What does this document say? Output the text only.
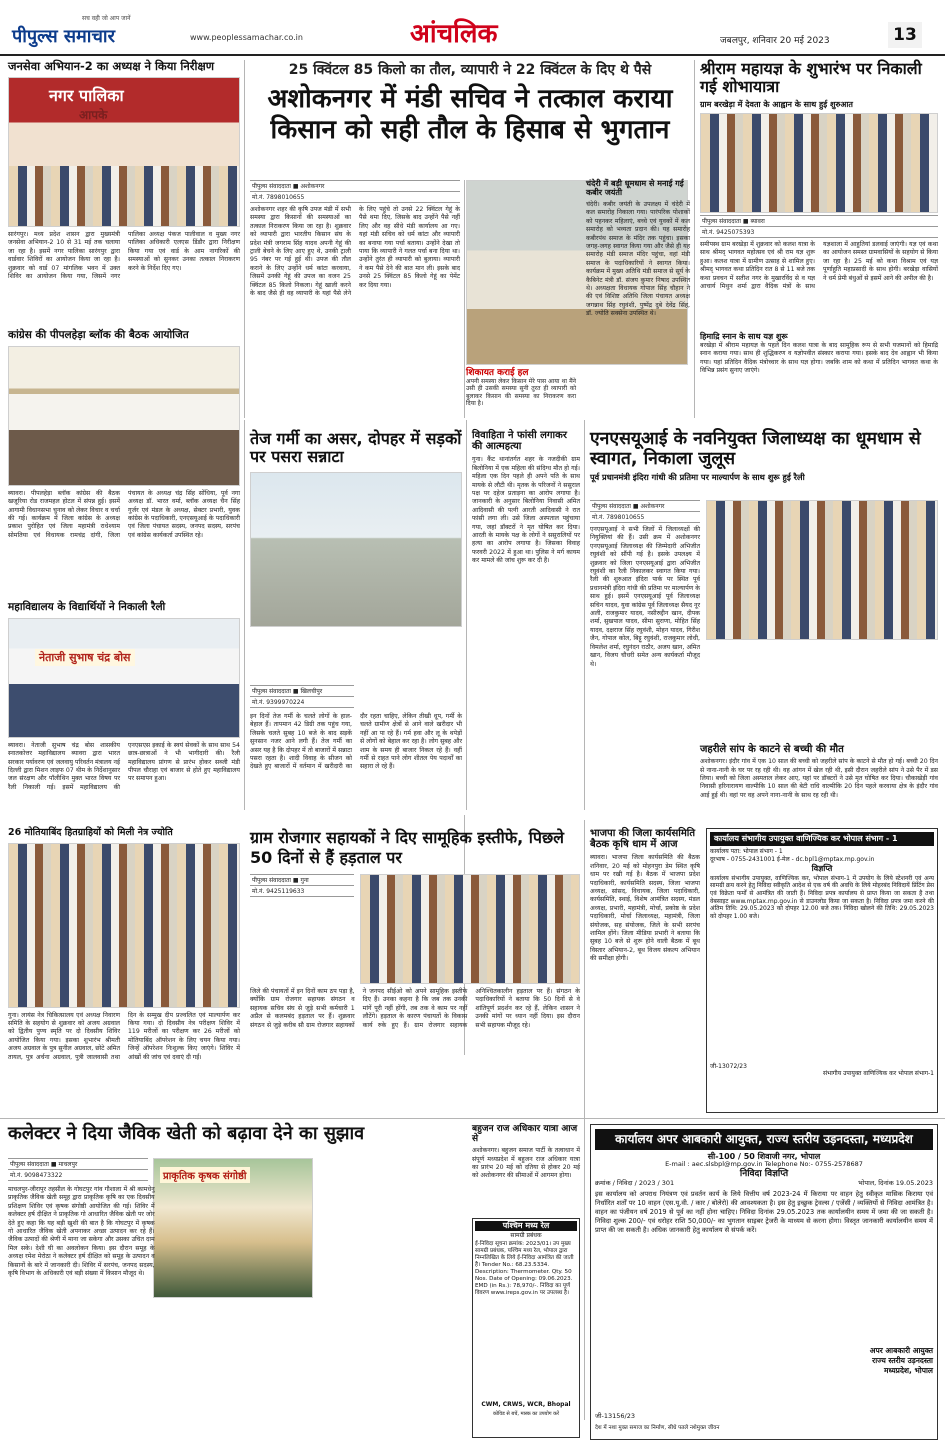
सच वही जो आप जानें
पीपुल्स समाचार	www.peoplessamachar.co.in	आंचलिक	जबलपुर, शनिवार 20 मई 2023	13
जनसेवा अभियान-2 का अध्यक्ष ने किया निरीक्षण
नगर पालिका
आपके
सारंगपुर। मध्य प्रदेश शासन द्वारा मुख्यमंत्री जनसेवा अभियान-2 10 से 31 मई तक चलाया जा रहा है। इसमें नगर पालिका सारंगपुर द्वारा वार्डवार शिविरों का आयोजन किया जा रहा है। शुक्रवार को वार्ड 07 मांगलिक भवन में उक्त शिविर का आयोजन किया गया, जिसमें नगर पालिका अध्यक्ष पंकज पालीवाल व मुख्य नगर पालिका अधिकारी एलएस डिंडौर द्वारा निरीक्षण किया गया एवं वार्ड के आम नागरिकों की समस्याओं को सुनकर उनका तत्काल निराकरण करने के निर्देश दिए गए।
25 क्विंटल 85 किलो का तौल, व्यापारी ने 22 क्विंटल के दिए थे पैसे
अशोकनगर में मंडी सचिव ने तत्काल कराया किसान को सही तौल के हिसाब से भुगतान
पीपुल्स संवाददाता ■ अशोकनगर
मो.नं. 7898010655
अशोकनगर शहर की कृषि उपज मंडी में सभी समस्या द्वारा किसानों की समस्याओं का तत्काल निराकरण किया जा रहा है। शुक्रवार को व्यापारी द्वारा भारतीय किसान संघ के प्रदेश मंत्री जगराम सिंह यादव अपनी गेहूं की ट्राली बेचने के लिए आए हुए थे, उनकी ट्राली 95 नंबर पर गई हुई थी। उपज की तौल कराने के लिए उन्होंने धर्म कांटा करवाया, जिसमें उनकी गेहूं की उपज का वजन 25 क्विंटल 85 किलो निकला। गेहूं खाली करने के बाद जैसे ही वह व्यापारी के यहां पैसे लेने के लिए पहुंचे तो उनसे 22 क्विंटल गेहूं के पैसे थमा दिए, जिसके बाद उन्होंने पैसे नहीं लिए और वह सीधे मंडी कार्यालय आ गए। यहां मंडी सचिव को धर्म कांटा और व्यापारी का बनाया गया पर्चा बताया। उन्होंने देखा तो पाया कि व्यापारी ने गलत पर्चा बना दिया था। उन्होंने तुरंत ही व्यापारी को बुलाया। व्यापारी ने कम पैसे देने की बात मान ली। इसके बाद उनसे 25 क्विंटल 85 किलो गेहूं का पेमेंट कर दिया गया।
शिकायत कराई हल
अपनी समस्या लेकर किसान मेरे पास आया था मैंने उसी ही उसकी समस्या सुनी तुरत ही व्यापारी को बुलाकर किसान की समस्या का निराकरण करा दिया है।
चंदेरी में बड़ी धूमधाम से मनाई गई कबीर जयंती
चंदेरी। कबीर जयंती के उपलक्ष्य में चंदेरी में कल समारोह निकाला गया। पारंपरिक पोशाकों को पहनकर महिलाएं, बच्चे एवं युवकों में कल समारोह को भव्यता प्रदान की। यह समारोह कबीरपंथ समाज के मंदिर तक पहुंचा। इसका जगह-जगह स्वागत किया गया और जैसे ही यह समारोह मंडी समाज मंदिर पहुंचा, वहां मंडी समाज के पदाधिकारियों ने स्वागत किया। कार्यक्रम में मुख्य अतिथि मंडी समाज से सूर्य के कैबिनेट मंत्री डॉ. संजय कुमार निषाद उपस्थित थे। अध्यक्षता विधायक गोपाल सिंह चौहान ने की एवं विशिष्ट अतिथि जिला पंचायत अध्यक्ष जगन्नाथ सिंह रघुवंशी, पुष्पेंद्र दुबे देवेंद्र सिंह, डॉ. ज्योति सक्सेना उपस्थित थे।
श्रीराम महायज्ञ के शुभारंभ पर निकाली गई शोभायात्रा
ग्राम बरखेड़ा में देवता के आह्वान के साथ हुई शुरुआत
पीपुल्स संवाददाता ■ ब्यावरा
मो.नं. 9425075393
समीपस्थ ग्राम बरखेड़ा में शुक्रवार को कलश यात्रा के साथ श्रीमद् भागवत महोत्सव एवं श्री राम यज्ञ शुरू हुआ। कलश यात्रा में ग्रामीण उत्साह से शामिल हुए। श्रीमद् भागवत कथा प्रतिदिन रात 8 से 11 बजे तक कथा प्रवचन में सतीश नगर के मुखारविंद से व यज्ञ आचार्य मिथुन शर्मा द्वारा वैदिक मंत्रों के साथ यज्ञशाला में आहुतियां डलवाई जाएंगी। यज्ञ एवं कथा का आयोजन समस्त ग्रामवासियों के सहयोग से किया जा रहा है। 25 मई को कथा विश्राम एवं यज्ञ पूर्णाहुति महाप्रसादी के साथ होगी। बरखेड़ा वासियों ने धर्म प्रेमी बंधुओं से इसमें आने की अपील की है।
हिमाद्रि स्नान के साथ यज्ञ शुरू
बरखेड़ा में श्रीराम महायज्ञ के पहले दिन कलश यात्रा के बाद सामूहिक रूप से सभी यजमानों को हिमाद्रि स्नान कराया गया। साथ ही शुद्धिकरण व यज्ञोपवीत संस्कार कराया गया। इसके बाद देव आह्वान भी किया गया। यहां प्रतिदिन वैदिक मंत्रोच्चार के साथ यज्ञ होगा। जबकि शाम को कथा में प्रतिदिन भागवत कथा के विभिन्न प्रसंग सुनाए जाएंगे।
कांग्रेस की पीपलहेड़ा ब्लॉक की बैठक आयोजित
ब्यावरा। पीपलहेड़ा ब्लॉक कांग्रेस की बैठक खजूरिया रोड राजमहल होटल में संपन्न हुई। इसमें आगामी विधानसभा चुनाव को लेकर विचार व चर्चा की गई। कार्यक्रम में जिला कांग्रेस के अध्यक्ष प्रकाश पुरोहित एवं जिला महामंत्री राधेश्याम सोमतिया एवं विधायक रामचंद्र दांगी, जिला पंचायत के अध्यक्ष चंद्र सिंह सोंधिया, पूर्व नगा अध्यक्ष डॉ. भारत वर्मा, ब्लॉक अध्यक्ष चैन सिंह गुर्जर एवं मंडल के अध्यक्ष, सेक्टर प्रभारी, युवक कांग्रेस के पदाधिकारी, एनएसयूआई के पदाधिकारी एवं जिला पंचायत सदस्य, जनपद सदस्य, सरपंच एवं कांग्रेस कार्यकर्ता उपस्थित रहे।
महाविद्यालय के विद्यार्थियों ने निकाली रैली
नेताजी सुभाष चंद्र बोस
ब्यावरा। नेताजी सुभाष चंद्र बोस शासकीय स्नातकोत्तर महाविद्यालय ब्यावरा द्वारा भारत सरकार पर्यावरण एवं जलवायु परिवर्तन मंत्रालय नई दिल्ली द्वारा मिशन लाइफ 07 थीम के निर्देशानुसार जल संरक्षण और पॉलीथिन मुक्त भारत विषय पर रैली निकाली गई। इसमें महाविद्यालय की एनएसएस इकाई के स्वयं सेवकों के साथ साथ 54 छात्र-छात्राओं ने भी भागीदारी की। रैली महाविद्यालय प्रांगण से प्रारंभ होकर सब्जी मंडी पीपल चौराहा एवं बाजार से होते हुए महाविद्यालय पर समापन हुआ।
26 मोतियाबिंद हितग्राहियों को मिली नेत्र ज्योति
गुना। लायंस नेत्र चिकित्सालय एवं अध्यक्ष निवारण समिति के सहयोग से शुक्रवार को अजय अग्रवाल को द्वितीय पुण्य स्मृति पर दो दिवसीय शिविर आयोजित किया गया। इसका शुभारंभ श्रीमती अजय अग्रवाल के पुत्र सुनील अग्रवाल, छोटे अमित तायल, पुत्र अर्चना अग्रवाल, पुत्री जालवासी तथा दिन के सम्मुख दीप प्रज्वलित एवं माल्यार्पण कर किया गया। दो दिवसीय नेत्र परीक्षण शिविर में 119 मरीजों का परीक्षण कर 26 मरीजों को मोतियाबिंद ऑपरेशन के लिए चयन किया गया। जिन्हें ऑपरेशन निःशुल्क किए जाएंगे। शिविर में आंखों की जांच एवं दवाएं दी गईं।
तेज गर्मी का असर, दोपहर में सड़कों पर पसरा सन्नाटा
पीपुल्स संवाददाता ■ खिलचीपुर
मो.नं. 9399970224
इन दिनों तेज गर्मी के चलते लोगों के हाल-बेहाल हैं। तापमान 42 डिग्री तक पहुंच गया, जिसके चलते सुबह 10 बजे के बाद सड़कें सुनसान नजर आने लगी हैं। तेज गर्मी का असर यह है कि दोपहर में तो बाजारों में सन्नाटा पसरा रहता है। शादी विवाह के सीजन को देखते हुए बाजारों में वर्तमान में खरीदारी का दौर रहता चाहिए, लेकिन तीखी धूप, गर्मी के चलते ग्रामीण क्षेत्रों से आने वाले खरीदार भी नहीं आ पा रहे हैं। गर्म हवा और लू के थपेड़ों से लोगों को बेहाल कर रहा है। लोग सुबह और शाम के समय ही बाजार निकल रहे हैं। वहीं गर्मी से राहत पाने लोग शीतल पेय पदार्थों का सहारा ले रहे हैं।
विवाहिता ने फांसी लगाकर की आत्महत्या
गुना। कैंट थानांतर्गत शहर के नजदीकी ग्राम बिलोनिया में एक महिला की संदिग्ध मौत हो गई। महिला एक दिन पहले ही अपने पति के साथ मायके से लौटी थी। मृतक के परिजनों ने ससुराल पक्ष पर दहेज प्रताड़ना का आरोप लगाया है। जानकारी के अनुसार बिलोनिया निवासी अमित आदिवासी की पत्नी आरती आदिवासी ने रात फांसी लगा ली। उसे जिला अस्पताल पहुंचाया गया, जहां डॉक्टरों ने मृत घोषित कर दिया। आरती के मायके पक्ष के लोगों ने ससुरालियों पर हत्या का आरोप लगाया है। जिसका विवाह फरवरी 2022 में हुआ था। पुलिस ने मर्ग कायम कर मामले की जांच शुरू कर दी है।
एनएसयूआई के नवनियुक्त जिलाध्यक्ष का धूमधाम से स्वागत, निकाला जुलूस
पूर्व प्रधानमंत्री इंदिरा गांधी की प्रतिमा पर माल्यार्पण के साथ शुरू हुई रैली
पीपुल्स संवाददाता ■ अशोकनगर
मो.नं. 7898010655
एनएसयूआई ने सभी जिलों में जिलाध्यक्षों की नियुक्तियां की हैं। उसी क्रम में अशोकनगर एनएसयूआई जिलाध्यक्ष की जिम्मेदारी अभिजीत रघुवंशी को सौंपी गई है। इसके उपलक्ष्य में शुक्रवार को जिला एनएसयूआई द्वारा अभिजीत रघुवंशी का रैली निकालकर स्वागत किया गया। रैली की शुरुआत इंदिरा पार्क पर स्थित पूर्व प्रधानमंत्री इंदिरा गांधी की प्रतिमा पर माल्यार्पण के साथ हुई। इसमें एनएसयूआई पूर्व जिलाध्यक्ष सचिन यादव, युवा कांग्रेस पूर्व जिलाध्यक्ष सैयद नूर अली, राजकुमार यादव, नसीरुद्दीन खान, दीपक शर्मा, सुखपाल यादव, सीमा सुराणा, मोहित सिंह यादव, दक्षराज सिंह रघुवंशी, मोहन यादव, गिरीश जैन, गोपाल कोल, बिट्टू रघुवंशी, राजकुमार लोधी, विमलेश शर्मा, रघुनंदन राठौर, अजय खान, अमित खान, विजय चौधरी समेत अन्य कार्यकर्ता मौजूद थे।
जहरीले सांप के काटने से बच्ची की मौत
अशोकनगर। इंदौर गांव में एक 10 साल की बच्ची को जहरीले सांप के काटने से मौत हो गई। बच्ची 20 दिन से नाना-नानी के घर पर रह रही थी। वह आंगन में खेल रही थी, इसी दौरान जहरीले सांप ने उसे पैर में डस लिया। बच्ची को जिला अस्पताल लेकर आए, यहां पर डॉक्टरों ने उसे मृत घोषित कर दिया। चौकाखेड़ी गांव निवासी हरिनारायण वाल्मीकि 10 साल की बेटी राधि वाल्मीकि 20 दिन पहले करवाया क्षेत्र के इंदौर गांव आई हुई थी। वहां पर वह अपने नाना-नानी के साथ रह रही थी।
ग्राम रोजगार सहायकों ने दिए सामूहिक इस्तीफे, पिछले 50 दिनों से हैं हड़ताल पर
पीपुल्स संवाददाता ■ गुना
मो.नं. 9425119633
जिले की पंचायतों में इन दिनों काम ठप पड़ा है, क्योंकि ग्राम रोजगार सहायक संगठन व सहायक सचिव संघ से जुड़े सभी कर्मचारी 1 अप्रैल से कलमबंद हड़ताल पर हैं। शुक्रवार संगठन से जुड़े करीब सौ ग्राम रोजगार सहायकों ने जनपद सीईओ को अपने सामूहिक इस्तीफे दिए हैं। उनका कहना है कि जब तक उनकी मांगें पूरी नहीं होंगी, तब तक वे काम पर नहीं लौटेंगे। हड़ताल के कारण पंचायतों के विकास कार्य रुके हुए हैं। ग्राम रोजगार सहायक अनिश्चितकालीन हड़ताल पर हैं। संगठन के पदाधिकारियों ने बताया कि 50 दिनों से वे शांतिपूर्ण प्रदर्शन कर रहे हैं, लेकिन शासन ने उनकी मांगों पर ध्यान नहीं दिया। इस दौरान सभी सहायक मौजूद रहे।
भाजपा की जिला कार्यसमिति बैठक कृषि धाम में आज
ब्यावरा। भाजपा जिला कार्यसमिति की बैठक शनिवार, 20 मई को मोहनपुरा डेम स्थित कृषि धाम पर रखी गई है। बैठक में भाजपा प्रदेश पदाधिकारी, कार्यसमिति सदस्य, जिला भाजपा अध्यक्ष, सांसद, विधायक, जिला पदाधिकारी, कार्यसमिति, स्थाई, विशेष आमंत्रित सदस्य, मंडल अध्यक्ष, प्रभारी, महामंत्री, मोर्चा, प्रकोष्ठ के प्रदेश पदाधिकारी, मोर्चा जिलाध्यक्ष, महामंत्री, जिला संयोजक, सह संयोजक, जिले के सभी सरपंच शामिल होंगे। जिला मीडिया प्रभारी ने बताया कि सुबह 10 बजे से शुरू होने वाली बैठक में बूथ विस्तार अभियान-2, बूथ विजय संकल्प अभियान की समीक्षा होगी।
कार्यालय संभागीय उपायुक्त वाणिज्यिक कर भोपाल संभाग - 1
कार्यालय पता: भोपाल संभाग - 1
दूरभाष - 0755-2431001 ई-मेल - dc.bpl1@mptax.mp.gov.in
विज्ञप्ति
कार्यालय संभागीय उपायुक्त, वाणिज्यिक कर, भोपाल संभाग-1 में उपयोग के लिये स्टेशनरी एवं अन्य सामग्री क्रय करने हेतु निविदा स्वीकृति आदेश से एक वर्ष की अवधि के लिये मोहरबंद निविदायें प्रिंटिंग प्रेस एवं विक्रेता फर्मों से आमंत्रित की जाती हैं। निविदा प्रपत्र कार्यालय से प्राप्त किया जा सकता है तथा वेबसाइट www.mptax.mp.gov.in से डाउनलोड किया जा सकता है। निविदा प्रपत्र जमा करने की अंतिम तिथि: 29.05.2023 को दोपहर 12.00 बजे तक। निविदा खोलने की तिथि: 29.05.2023 को दोपहर 1.00 बजे।
जी-13072/23
संभागीय उपायुक्त वाणिज्यिक कर भोपाल संभाग-1
कलेक्टर ने दिया जैविक खेती को बढ़ावा देने का सुझाव
पीपुल्स संवाददाता ■ माचलपुर
मो.नं. 9098473322	प्राकृतिक कृषक संगोष्ठी
माचलपुर-जीरापुर तहसील के गोघटपुर गांव गौशाला में श्री कामधेनु प्राकृतिक जैविक खेती समूह द्वारा प्राकृतिक कृषि का एक दिवसीय प्रशिक्षण शिविर एवं कृषक संगोष्ठी आयोजित की गई। शिविर में कलेक्टर हर्ष दीक्षित ने प्राकृतिक गो आधारित जैविक खेती पर जोर देते हुए कहा कि यह बड़ी खुशी की बात है कि गोघटपुर में कृषक गो आधारित जैविक खेती अपनाकर अच्छा उत्पादन कर रहे हैं। जैविक उत्पादों की श्रेणी में माना जा सकेगा और उसका उचित दाम मिल सके। देशी घी का अवलोकन किया। इस दौरान समूह के अध्यक्ष रमेश मेरोठा ने कलेक्टर हर्ष दीक्षित को समूह के उत्पादन व किसानों के बारे में जानकारी दी। शिविर में सरपंच, जनपद सदस्य, कृषि विभाग के अधिकारी एवं बड़ी संख्या में किसान मौजूद थे।
बहुजन राज अधिकार यात्रा आज से
अशोकनगर। बहुजन समाज पार्टी के तत्वाधान में संपूर्ण मध्यप्रदेश में बहुजन राज अधिकार यात्रा का प्रारंभ 20 मई को दतिया से होकर 20 मई को अशोकनगर की सीमाओं में आगमन होगा।
पश्चिम मध्य रेल
सामग्री प्रबंधक
ई-निविदा सूचना क्रमांक: 2023/01। उप मुख्य सामग्री प्रबंधक, पश्चिम मध्य रेल, भोपाल द्वारा निम्नलिखित के लिये ई-निविदा आमंत्रित की जाती है। Tender No.: 68.23.5334. Description: Thermometer. Qty. 50 Nos. Date of Opening: 09.06.2023. EMD (in Rs.): 78,970/-. निविदा का पूर्ण विवरण www.ireps.gov.in पर उपलब्ध है।
CWM, CRWS, WCR, Bhopal
कोविड से बचें, मास्क का उपयोग करें
कार्यालय अपर आबकारी आयुक्त, राज्य स्तरीय उड़नदस्ता, मध्यप्रदेश
सी-100 / 50 शिवाजी नगर, भोपाल
E-mail : aec.slsbpl@mp.gov.in Telephone No:- 0755-2578687
निविदा विज्ञप्ति
क्रमांक / निविदा / 2023 / 301	भोपाल, दिनांक 19.05.2023
इस कार्यालय को अपराध नियंत्रण एवं प्रवर्तन कार्य के लिये वित्तीय वर्ष 2023-24 में किराया पर वाहन हेतु स्वीकृत मासिक किराया एवं निर्धारित शर्तों पर 10 वाहन (एस.यू.वी. / कार / बोलेरो) की आवश्यकता है। इस हेतु इच्छुक ट्रेवल्स / एजेंसी / व्यक्तियों से निविदा आमंत्रित है। वाहन का पंजीयन वर्ष 2019 से पूर्व का नहीं होना चाहिए। निविदा दिनांक 29.05.2023 तक कार्यालयीन समय में जमा की जा सकती है। निविदा शुल्क 200/- एवं धरोहर राशि 50,000/- का भुगतान साइबर ट्रेजरी के माध्यम से करना होगा। विस्तृत जानकारी कार्यालयीन समय में प्राप्त की जा सकती है। अधिक जानकारी हेतु कार्यालय से संपर्क करें।
अपर आबकारी आयुक्त
राज्य स्तरीय उड़नदस्ता
मध्यप्रदेश, भोपाल
जी-13156/23
देश में नशा मुक्त समाज का निर्माण, सीधे पतले नशेमुक्त जीवन
